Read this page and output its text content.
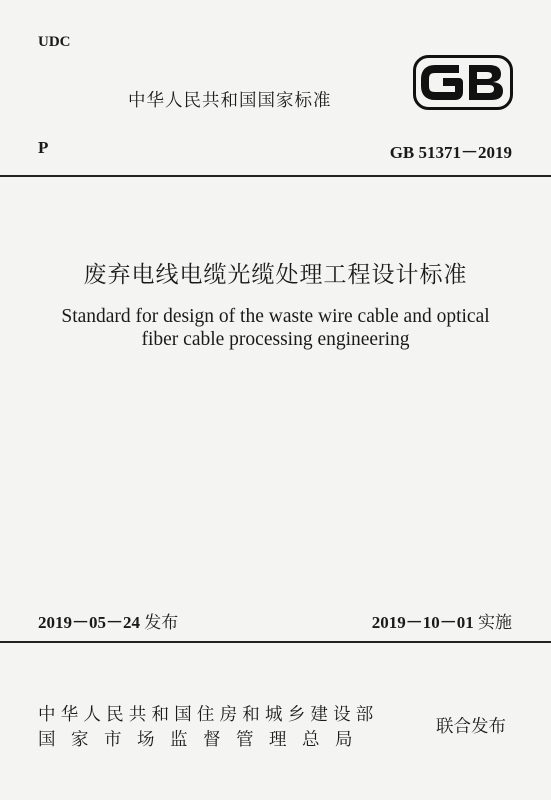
UDC
中华人民共和国国家标准
P	GB 51371－2019
废弃电线电缆光缆处理工程设计标准
Standard for design of the waste wire cable and optical
fiber cable processing engineering
2019－05－24 发布	2019－10－01 实施
中华人民共和国住房和城乡建设部
国家市场监督管理总局
联合发布
